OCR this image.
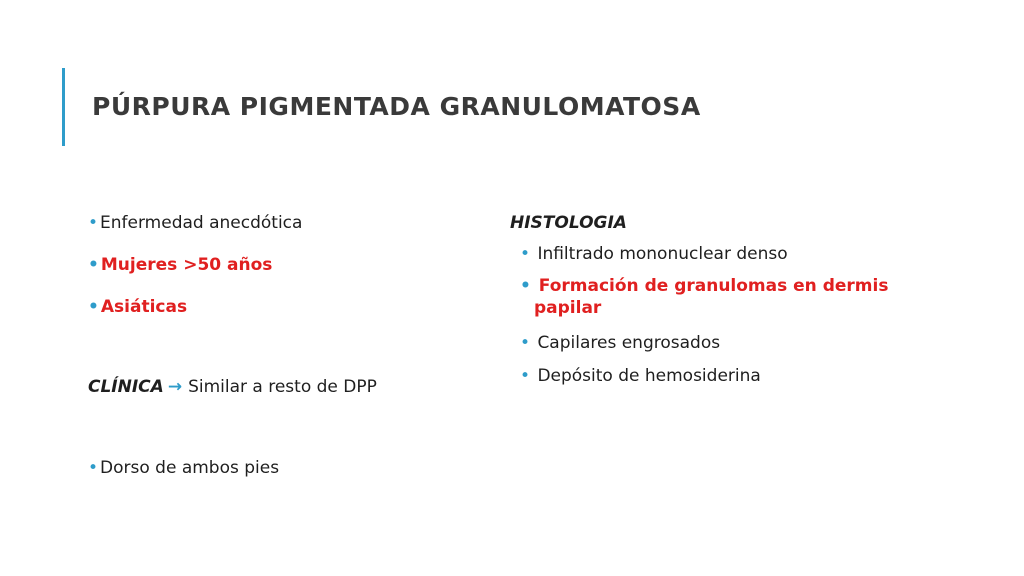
PÚRPURA PIGMENTADA GRANULOMATOSA
• Enfermedad anecdótica
• Mujeres >50 años
• Asiáticas
CLÍNICA → Similar a resto de DPP
• Dorso de ambos pies
HISTOLOGIA
• Infiltrado mononuclear denso
• Formación de granulomas en dermis papilar
• Capilares engrosados
• Depósito de hemosiderina
